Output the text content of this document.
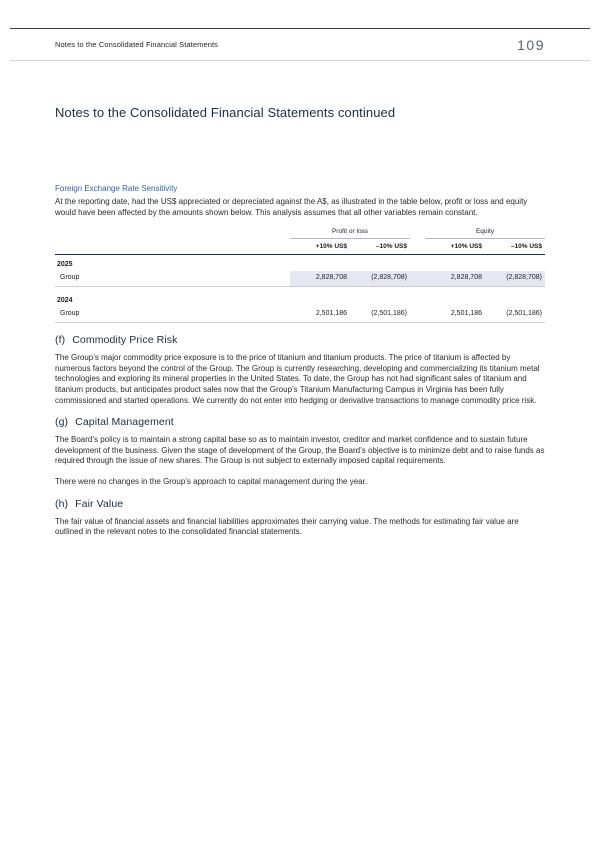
Notes to the Consolidated Financial Statements	109
Notes to the Consolidated Financial Statements continued
Foreign Exchange Rate Sensitivity

At the reporting date, had the US$ appreciated or depreciated against the A$, as illustrated in the table below, profit or loss and equity would have been affected by the amounts shown below. This analysis assumes that all other variables remain constant.

	Profit or loss			Equity	
	+10% US$	–10% US$		+10% US$	–10% US$
2025					
Group	2,828,708	(2,828,708)		2,828,708	(2,828,708)
2024					
Group	2,501,186	(2,501,186)		2,501,186	(2,501,186)
(f) Commodity Price Risk

The Group’s major commodity price exposure is to the price of titanium and titanium products. The price of titanium is affected by numerous factors beyond the control of the Group. The Group is currently researching, developing and commercializing its titanium metal technologies and exploring its mineral properties in the United States. To date, the Group has not had significant sales of titanium and titanium products, but anticipates product sales now that the Group’s Titanium Manufacturing Campus in Virginia has been fully commissioned and started operations. We currently do not enter into hedging or derivative transactions to manage commodity price risk.

(g) Capital Management

The Board’s policy is to maintain a strong capital base so as to maintain investor, creditor and market confidence and to sustain future development of the business. Given the stage of development of the Group, the Board’s objective is to minimize debt and to raise funds as required through the issue of new shares. The Group is not subject to externally imposed capital requirements.

There were no changes in the Group’s approach to capital management during the year.

(h) Fair Value

The fair value of financial assets and financial liabilities approximates their carrying value. The methods for estimating fair value are outlined in the relevant notes to the consolidated financial statements.
